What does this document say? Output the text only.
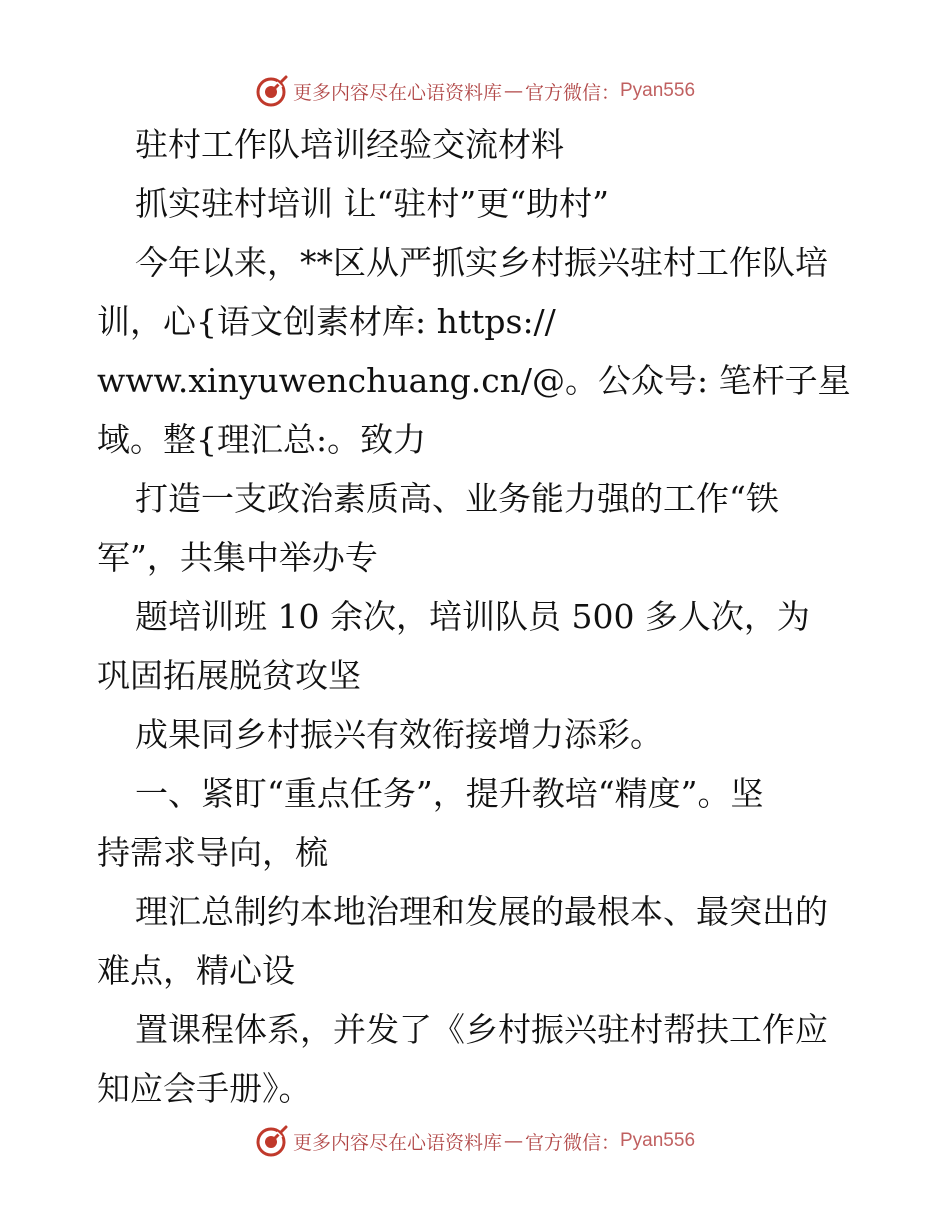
更多内容尽在心语资料库 — 官方微信： Pyan556
驻村工作队培训经验交流材料
抓实驻村培训 让“驻村”更“助村”
今年以来，**区从严抓实乡村振兴驻村工作队培
训，心{语文创素材库: https://
www.xinyuwenchuang.cn/@。公众号: 笔杆子星
域。整{理汇总:。致力
打造一支政治素质高、业务能力强的工作“铁
军”，共集中举办专
题培训班 10 余次，培训队员 500 多人次，为
巩固拓展脱贫攻坚
成果同乡村振兴有效衔接增力添彩。
一、紧盯“重点任务”，提升教培“精度”。坚
持需求导向，梳
理汇总制约本地治理和发展的最根本、最突出的
难点，精心设
置课程体系，并发了《乡村振兴驻村帮扶工作应
知应会手册》。
更多内容尽在心语资料库 — 官方微信： Pyan556
